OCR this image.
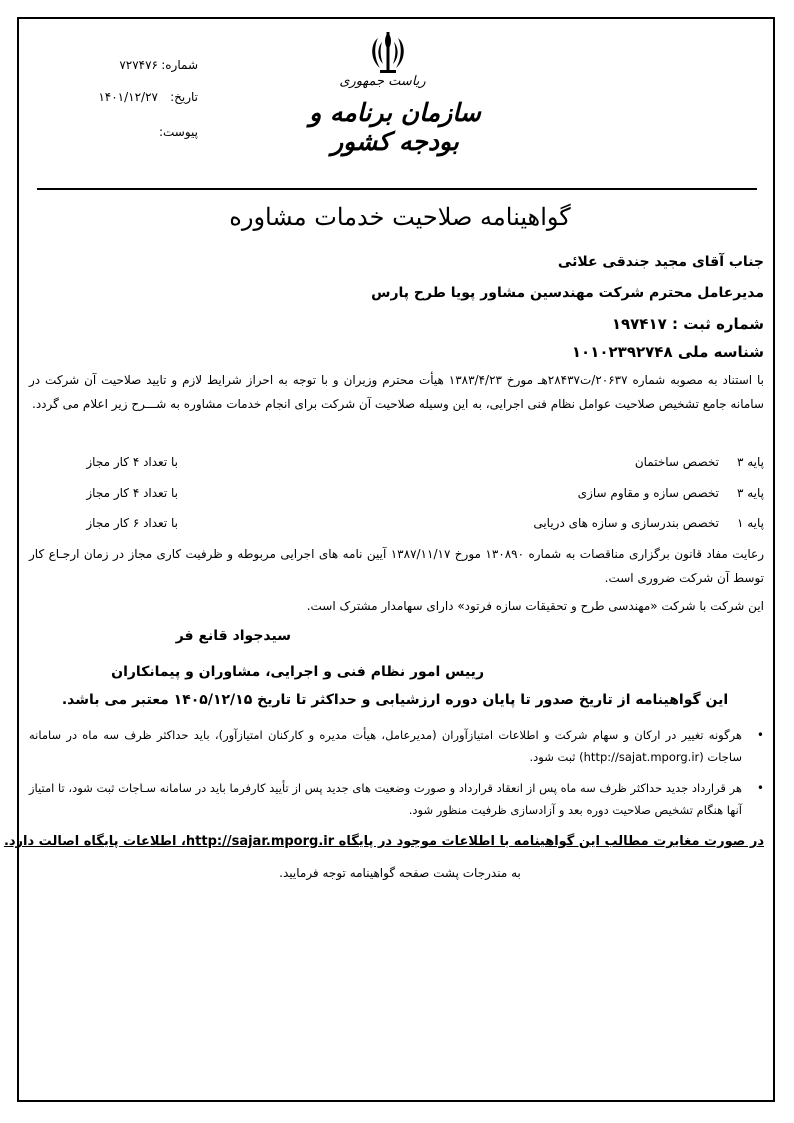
شماره:
۷۲۷۴۷۶
تاریخ:
۱۴۰۱/۱۲/۲۷
پیوست:
ریاست جمهوری
سازمان برنامه و بودجه کشور
گواهینامه صلاحیت خدمات مشاوره
جناب آقای مجید جندقی علائی
مدیرعامل محترم شرکت مهندسین مشاور پویا طرح پارس
شماره ثبت : ۱۹۷۴۱۷
شناسه ملی ۱۰۱۰۲۳۹۲۷۴۸
با استناد به مصوبه شماره ۲۰۶۳۷/ت۲۸۴۳۷هـ مورخ ۱۳۸۳/۴/۲۳ هیأت محترم وزیران و با توجه به احراز شرایط لازم و تایید صلاحیت آن شرکت در سامانه جامع تشخیص صلاحیت عوامل نظام فنی اجرایی، به این وسیله صلاحیت آن شرکت برای انجام خدمات مشاوره به شـــرح زیر اعلام می گردد.
پایه ۳
تخصص ساختمان
با تعداد ۴ کار مجاز
پایه ۳
تخصص سازه و مقاوم سازی
با تعداد ۴ کار مجاز
پایه ۱
تخصص بندرسازی و سازه های دریایی
با تعداد ۶ کار مجاز
رعایت مفاد قانون برگزاری مناقصات به شماره ۱۳۰۸۹۰ مورخ ۱۳۸۷/۱۱/۱۷ آیین نامه های اجرایی مربوطه و ظرفیت کاری مجاز در زمان ارجـاع کار توسط آن شرکت ضروری است.
این شرکت با شرکت «مهندسی طرح و تحقیقات سازه فرتود» دارای سهامدار مشترک است.
سیدجواد قانع فر
رییس امور نظام فنی و اجرایی، مشاوران و پیمانکاران
این گواهینامه از تاریخ صدور تا پایان دوره ارزشیابی و حداکثر تا تاریخ ۱۴۰۵/۱۲/۱۵ معتبر می باشد.
•
هرگونه تغییر در ارکان و سهام شرکت و اطلاعات امتیازآوران (مدیرعامل، هیأت مدیره و کارکنان امتیازآور)، باید حداکثر ظرف سه ماه در سامانه ساجات (http://sajat.mporg.ir) ثبت شود.
•
هر قرارداد جدید حداکثر ظرف سه ماه پس از انعقاد قرارداد و صورت وضعیت های جدید پس از تأیید کارفرما باید در سامانه سـاجات ثبت شود، تا امتیاز آنها هنگام تشخیص صلاحیت دوره بعد و آزادسازی ظرفیت منظور شود.
در صورت مغایرت مطالب این گواهینامه با اطلاعات موجود در پایگاه http://sajar.mporg.ir، اطلاعات پایگاه اصالت دارد.
به مندرجات پشت صفحه گواهینامه توجه فرمایید.
